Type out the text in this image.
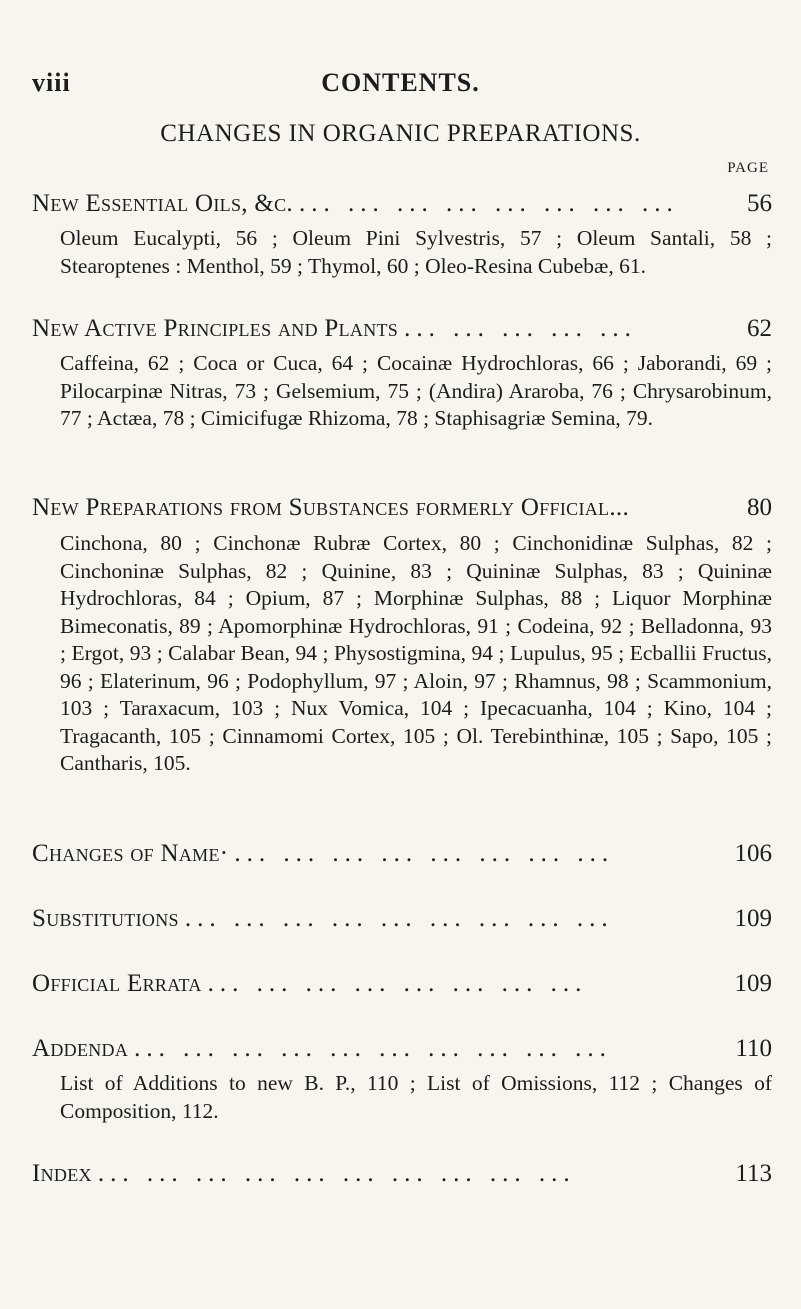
viii	CONTENTS.
CHANGES IN ORGANIC PREPARATIONS.
PAGE
New Essential Oils, &c. ... ... ... ... ... ... ... ...	56
Oleum Eucalypti, 56 ; Oleum Pini Sylvestris, 57 ; Oleum Santali, 58 ; Stearoptenes : Menthol, 59 ; Thymol, 60 ; Oleo-Resina Cubebæ, 61.
New Active Principles and Plants ... ... ... ... ...	62
Caffeina, 62 ; Coca or Cuca, 64 ; Cocainæ Hydrochloras, 66 ; Jaborandi, 69 ; Pilocarpinæ Nitras, 73 ; Gelsemium, 75 ; (Andira) Araroba, 76 ; Chrysarobinum, 77 ; Actæa, 78 ; Cimicifugæ Rhizoma, 78 ; Staphisagriæ Semina, 79.
New Preparations from Substances formerly Official...	80
Cinchona, 80 ; Cinchonæ Rubræ Cortex, 80 ; Cinchonidinæ Sulphas, 82 ; Cinchoninæ Sulphas, 82 ; Quinine, 83 ; Quininæ Sulphas, 83 ; Quininæ Hydrochloras, 84 ; Opium, 87 ; Morphinæ Sulphas, 88 ; Liquor Morphinæ Bimeconatis, 89 ; Apomorphinæ Hydrochloras, 91 ; Codeina, 92 ; Belladonna, 93 ; Ergot, 93 ; Calabar Bean, 94 ; Physostigmina, 94 ; Lupulus, 95 ; Ecballii Fructus, 96 ; Elaterinum, 96 ; Podophyllum, 97 ; Aloin, 97 ; Rhamnus, 98 ; Scammonium, 103 ; Taraxacum, 103 ; Nux Vomica, 104 ; Ipecacuanha, 104 ; Kino, 104 ; Tragacanth, 105 ; Cinnamomi Cortex, 105 ; Ol. Terebinthinæ, 105 ; Sapo, 105 ; Cantharis, 105.
Changes of Name· ... ... ... ... ... ... ... ...	106
Substitutions ... ... ... ... ... ... ... ... ...	109
Official Errata ... ... ... ... ... ... ... ...	109
Addenda ... ... ... ... ... ... ... ... ... ...	110
List of Additions to new B. P., 110 ; List of Omissions, 112 ; Changes of Composition, 112.
Index ... ... ... ... ... ... ... ... ... ...	113
